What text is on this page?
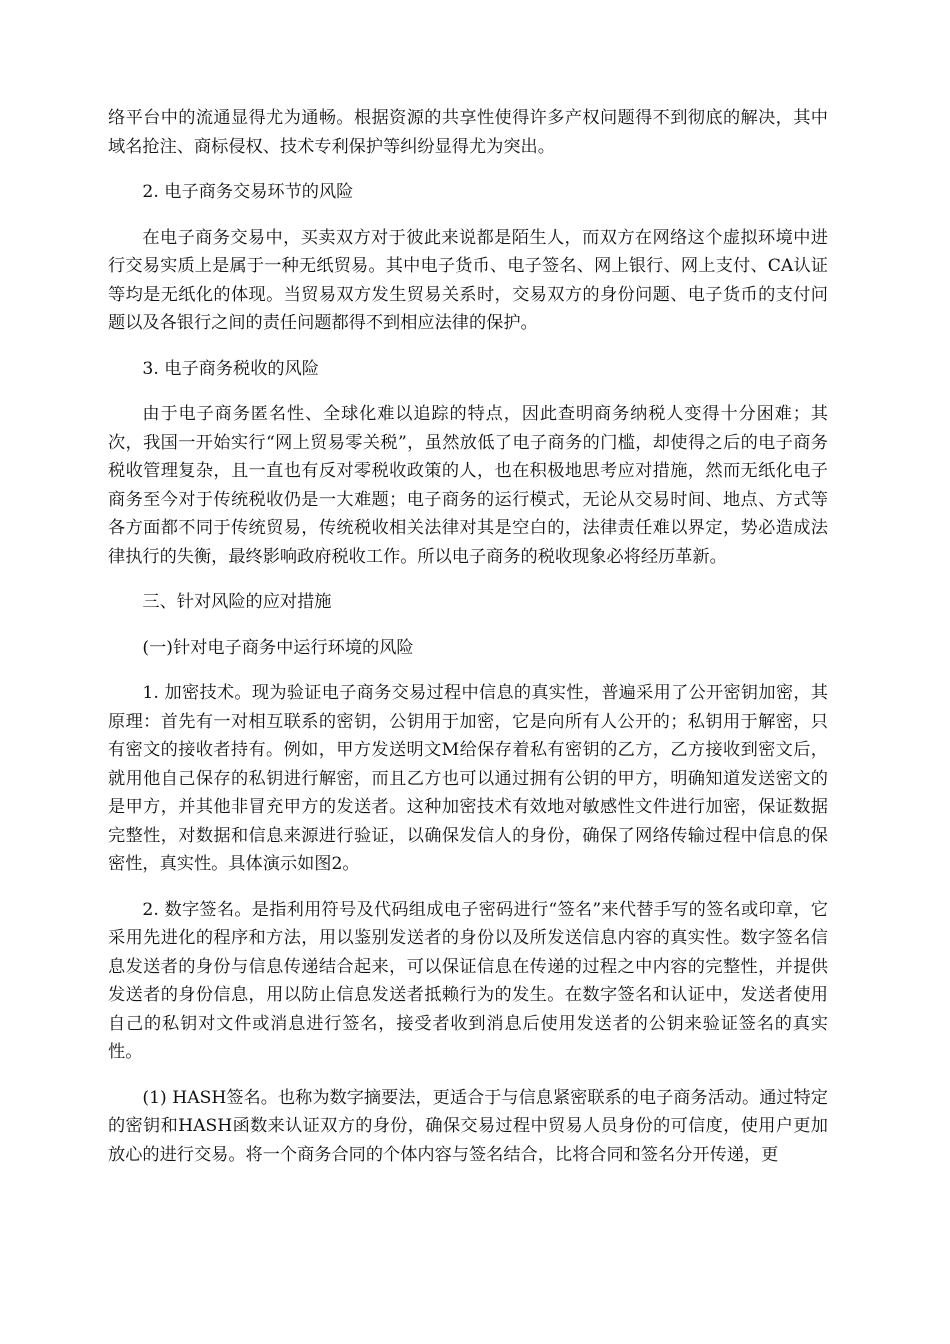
络平台中的流通显得尤为通畅。根据资源的共享性使得许多产权问题得不到彻底的解决，其中域名抢注、商标侵权、技术专利保护等纠纷显得尤为突出。

2. 电子商务交易环节的风险

在电子商务交易中，买卖双方对于彼此来说都是陌生人，而双方在网络这个虚拟环境中进行交易实质上是属于一种无纸贸易。其中电子货币、电子签名、网上银行、网上支付、CA认证等均是无纸化的体现。当贸易双方发生贸易关系时，交易双方的身份问题、电子货币的支付问题以及各银行之间的责任问题都得不到相应法律的保护。

3. 电子商务税收的风险

由于电子商务匿名性、全球化难以追踪的特点，因此查明商务纳税人变得十分困难；其次，我国一开始实行“网上贸易零关税”，虽然放低了电子商务的门槛，却使得之后的电子商务税收管理复杂，且一直也有反对零税收政策的人，也在积极地思考应对措施，然而无纸化电子商务至今对于传统税收仍是一大难题；电子商务的运行模式，无论从交易时间、地点、方式等各方面都不同于传统贸易，传统税收相关法律对其是空白的，法律责任难以界定，势必造成法律执行的失衡，最终影响政府税收工作。所以电子商务的税收现象必将经历革新。

三、针对风险的应对措施

(一)针对电子商务中运行环境的风险

1. 加密技术。现为验证电子商务交易过程中信息的真实性，普遍采用了公开密钥加密，其原理：首先有一对相互联系的密钥，公钥用于加密，它是向所有人公开的；私钥用于解密，只有密文的接收者持有。例如，甲方发送明文M给保存着私有密钥的乙方，乙方接收到密文后，就用他自己保存的私钥进行解密，而且乙方也可以通过拥有公钥的甲方，明确知道发送密文的是甲方，并其他非冒充甲方的发送者。这种加密技术有效地对敏感性文件进行加密，保证数据完整性，对数据和信息来源进行验证，以确保发信人的身份，确保了网络传输过程中信息的保密性，真实性。具体演示如图2。

2. 数字签名。是指利用符号及代码组成电子密码进行“签名”来代替手写的签名或印章，它采用先进化的程序和方法，用以鉴别发送者的身份以及所发送信息内容的真实性。数字签名信息发送者的身份与信息传递结合起来，可以保证信息在传递的过程之中内容的完整性，并提供发送者的身份信息，用以防止信息发送者抵赖行为的发生。在数字签名和认证中，发送者使用自己的私钥对文件或消息进行签名，接受者收到消息后使用发送者的公钥来验证签名的真实性。

(1) HASH签名。也称为数字摘要法，更适合于与信息紧密联系的电子商务活动。通过特定的密钥和HASH函数来认证双方的身份，确保交易过程中贸易人员身份的可信度，使用户更加放心的进行交易。将一个商务合同的个体内容与签名结合，比将合同和签名分开传递，更
